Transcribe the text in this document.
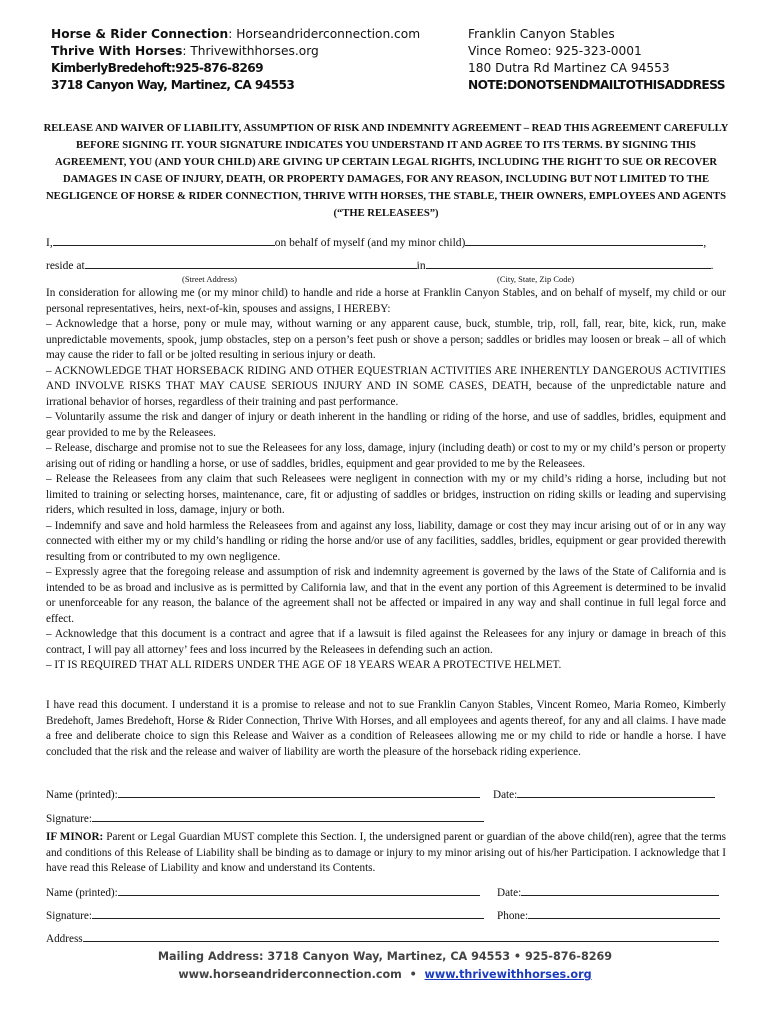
Horse & Rider Connection: Horseandriderconnection.com
Thrive With Horses: Thrivewithhorses.org
KimberlyBredehoft:925-876-8269
3718 Canyon Way, Martinez, CA 94553
Franklin Canyon Stables
Vince Romeo: 925-323-0001
180 Dutra Rd Martinez CA 94553
NOTE:DONOTSENDMAILTOTHISADDRESS
RELEASE AND WAIVER OF LIABILITY, ASSUMPTION OF RISK AND INDEMNITY AGREEMENT – READ THIS AGREEMENT CAREFULLY BEFORE SIGNING IT. YOUR SIGNATURE INDICATES YOU UNDERSTAND IT AND AGREE TO ITS TERMS. BY SIGNING THIS AGREEMENT, YOU (AND YOUR CHILD) ARE GIVING UP CERTAIN LEGAL RIGHTS, INCLUDING THE RIGHT TO SUE OR RECOVER DAMAGES IN CASE OF INJURY, DEATH, OR PROPERTY DAMAGES, FOR ANY REASON, INCLUDING BUT NOT LIMITED TO THE NEGLIGENCE OF HORSE & RIDER CONNECTION, THRIVE WITH HORSES, THE STABLE, THEIR OWNERS, EMPLOYEES AND AGENTS (“THE RELEASEES”)
I,	on behalf of myself (and my minor child)	,
reside at	in	.
(Street Address)	(City, State, Zip Code)

In consideration for allowing me (or my minor child) to handle and ride a horse at Franklin Canyon Stables, and on behalf of myself, my child or our personal representatives, heirs, next-of-kin, spouses and assigns, I HEREBY:

– Acknowledge that a horse, pony or mule may, without warning or any apparent cause, buck, stumble, trip, roll, fall, rear, bite, kick, run, make unpredictable movements, spook, jump obstacles, step on a person’s feet push or shove a person; saddles or bridles may loosen or break – all of which may cause the rider to fall or be jolted resulting in serious injury or death.

– ACKNOWLEDGE THAT HORSEBACK RIDING AND OTHER EQUESTRIAN ACTIVITIES ARE INHERENTLY DANGEROUS ACTIVITIES AND INVOLVE RISKS THAT MAY CAUSE SERIOUS INJURY AND IN SOME CASES, DEATH, because of the unpredictable nature and irrational behavior of horses, regardless of their training and past performance.

– Voluntarily assume the risk and danger of injury or death inherent in the handling or riding of the horse, and use of saddles, bridles, equipment and gear provided to me by the Releasees.

– Release, discharge and promise not to sue the Releasees for any loss, damage, injury (including death) or cost to my or my child’s person or property arising out of riding or handling a horse, or use of saddles, bridles, equipment and gear provided to me by the Releasees.

– Release the Releasees from any claim that such Releasees were negligent in connection with my or my child’s riding a horse, including but not limited to training or selecting horses, maintenance, care, fit or adjusting of saddles or bridges, instruction on riding skills or leading and supervising riders, which resulted in loss, damage, injury or both.

– Indemnify and save and hold harmless the Releasees from and against any loss, liability, damage or cost they may incur arising out of or in any way connected with either my or my child’s handling or riding the horse and/or use of any facilities, saddles, bridles, equipment or gear provided therewith resulting from or contributed to my own negligence.

– Expressly agree that the foregoing release and assumption of risk and indemnity agreement is governed by the laws of the State of California and is intended to be as broad and inclusive as is permitted by California law, and that in the event any portion of this Agreement is determined to be invalid or unenforceable for any reason, the balance of the agreement shall not be affected or impaired in any way and shall continue in full legal force and effect.

– Acknowledge that this document is a contract and agree that if a lawsuit is filed against the Releasees for any injury or damage in breach of this contract, I will pay all attorney’ fees and loss incurred by the Releasees in defending such an action.

– IT IS REQUIRED THAT ALL RIDERS UNDER THE AGE OF 18 YEARS WEAR A PROTECTIVE HELMET.

I have read this document. I understand it is a promise to release and not to sue Franklin Canyon Stables, Vincent Romeo, Maria Romeo, Kimberly Bredehoft, James Bredehoft, Horse & Rider Connection, Thrive With Horses, and all employees and agents thereof, for any and all claims. I have made a free and deliberate choice to sign this Release and Waiver as a condition of Releasees allowing me or my child to ride or handle a horse. I have concluded that the risk and the release and waiver of liability are worth the pleasure of the horseback riding experience.

Name (printed):	Date:
Signature:

IF MINOR: Parent or Legal Guardian MUST complete this Section. I, the undersigned parent or guardian of the above child(ren), agree that the terms and conditions of this Release of Liability shall be binding as to damage or injury to my minor arising out of his/her Participation. I acknowledge that I have read this Release of Liability and know and understand its Contents.

Name (printed):	Date:
Signature:	Phone:
Address
Mailing Address: 3718 Canyon Way, Martinez, CA 94553 • 925-876-8269
www.horseandriderconnection.com  •  www.thrivewithhorses.org
